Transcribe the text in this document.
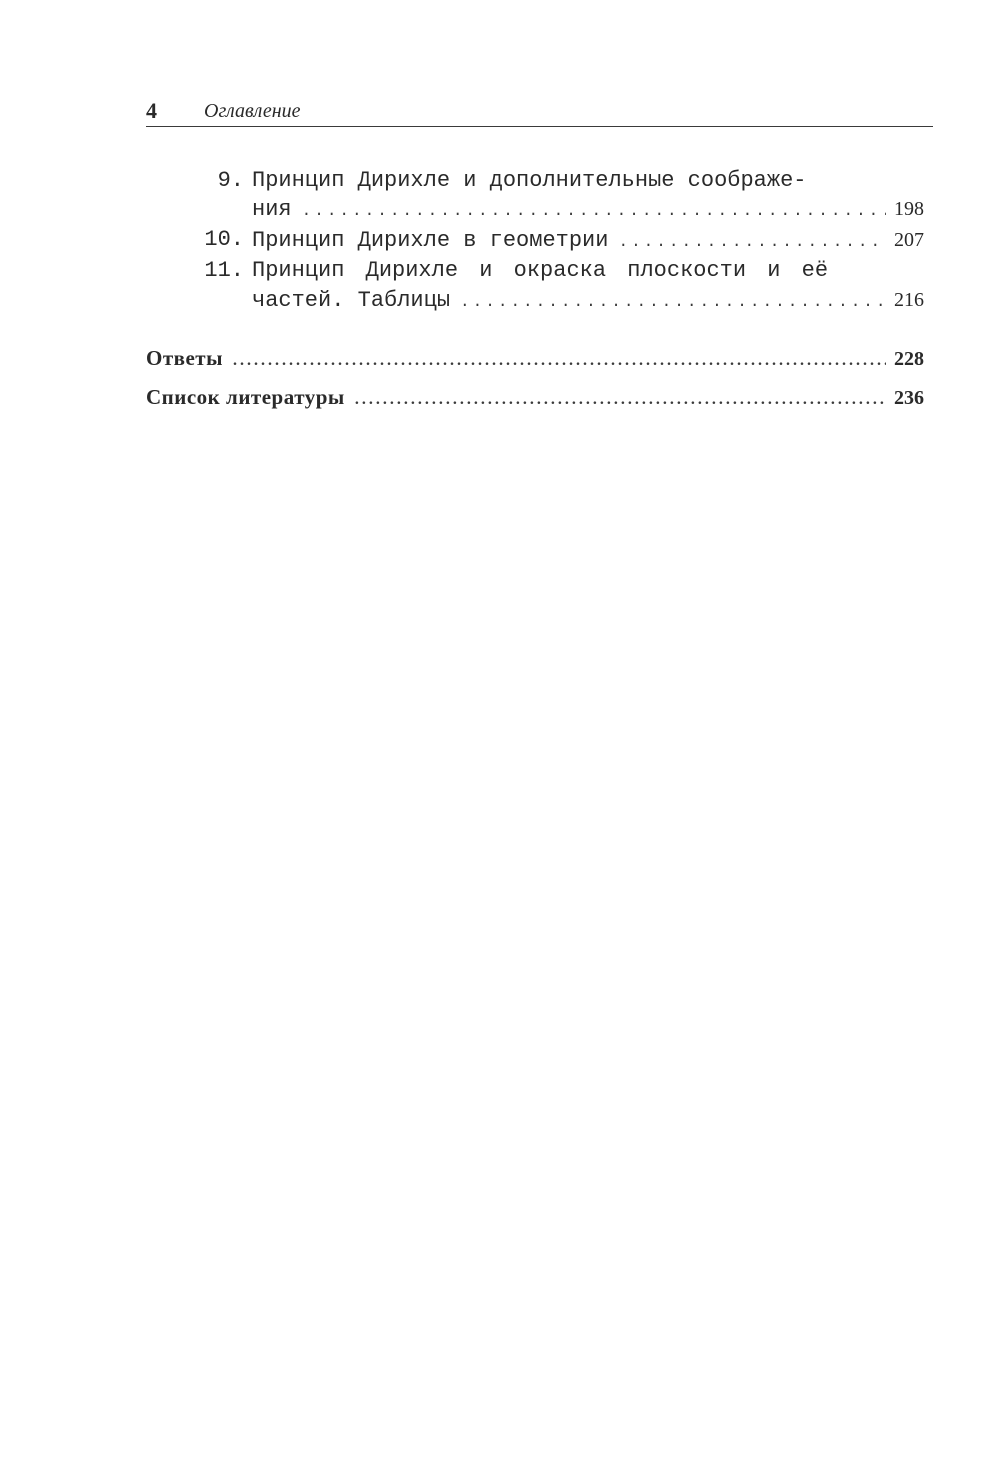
4 Оглавление
9. Принцип Дирихле и дополнительные соображе-
ния .....	198
10. Принцип Дирихле в геометрии .....	207
11. Принцип Дирихле и окраска плоскости и её
частей. Таблицы .....	216
Ответы .....	228
Список литературы .....	236
